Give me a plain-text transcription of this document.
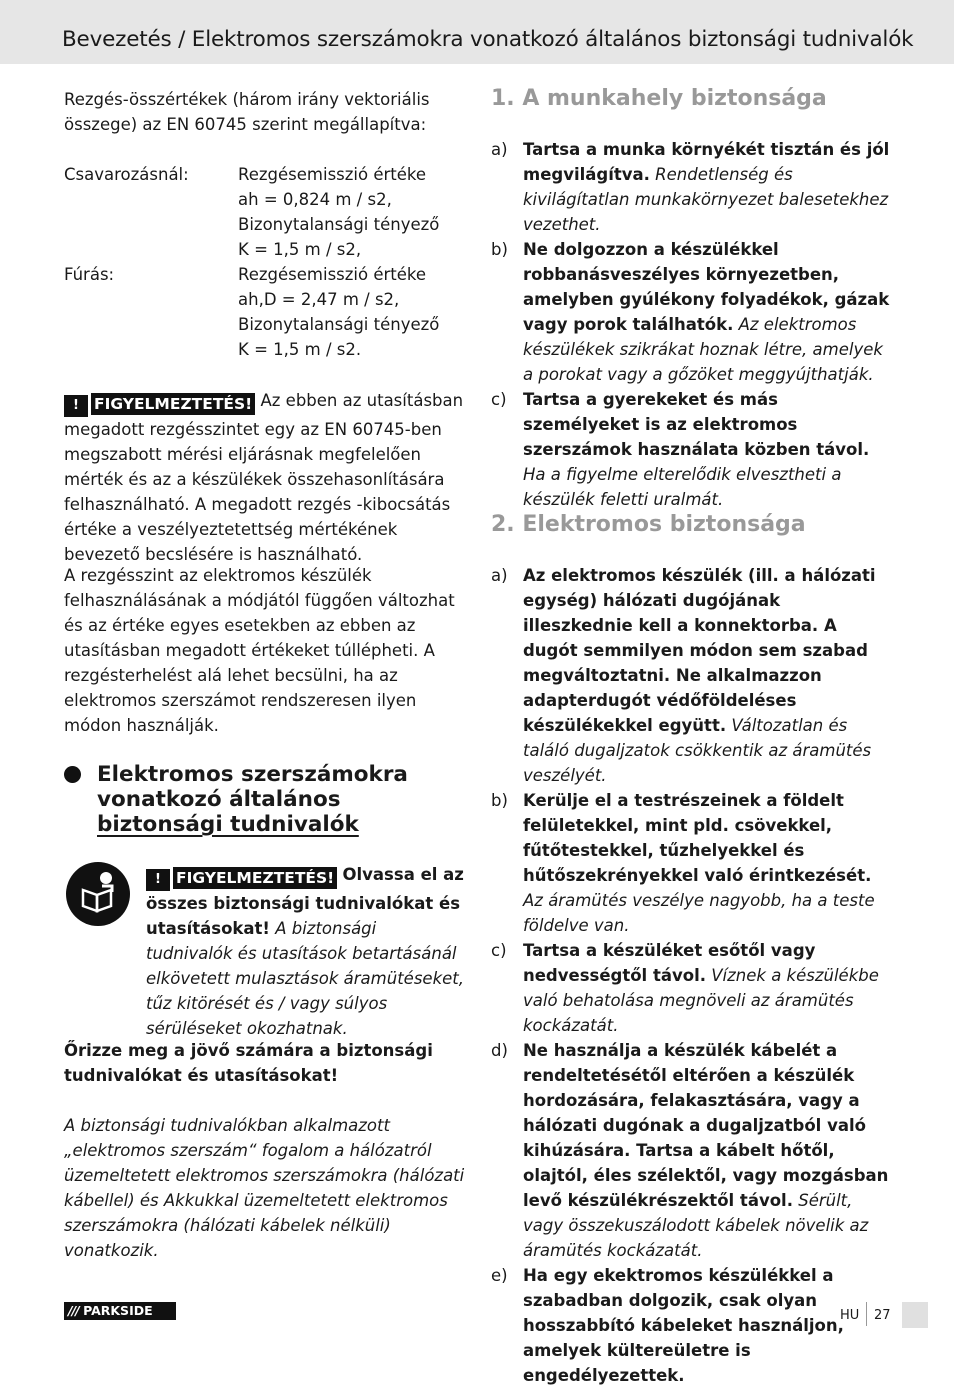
Bevezetés / Elektromos szerszámokra vonatkozó általános biztonsági tudnivalók

Rezgés-összértékek (három irány vektoriális összege) az EN 60745 szerint megállapítva:

Csavarozásnál:	Rezgésemisszió értéke
ah = 0,824 m / s2,
Bizonytalansági tényező
K = 1,5 m / s2,
Fúrás:	Rezgésemisszió értéke
ah,D = 2,47 m / s2,
Bizonytalansági tényező
K = 1,5 m / s2.

! FIGYELMEZTETÉS! Az ebben az utasításban megadott rezgésszintet egy az EN 60745-ben megszabott mérési eljárásnak megfelelően mérték és az a készülékek összehasonlítására felhasználható. A megadott rezgés -kibocsátás értéke a veszélyeztetettség mértékének bevezető becslésére is használható.

A rezgésszint az elektromos készülék felhasználásának a módjától függően változhat és az értéke egyes esetekben az ebben az utasításban megadott értékeket túllépheti. A rezgésterhelést alá lehet becsülni, ha az elektromos szerszámot rendszeresen ilyen módon használják.

Elektromos szerszámokra
vonatkozó általános
biztonsági tudnivalók
! FIGYELMEZTETÉS! Olvassa el az összes biztonsági tudnivalókat és utasításokat! A biztonsági tudnivalók és utasítások betartásánál elkövetett mulasztások áramütéseket, tűz kitörését és / vagy súlyos sérüléseket okozhatnak.

Őrizze meg a jövő számára a biztonsági tudnivalókat és utasításokat!

A biztonsági tudnivalókban alkalmazott „elektromos szerszám“ fogalom a hálózatról üzemeltetett elektromos szerszámokra (hálózati kábellel) és Akkukkal üzemeltetett elektromos szerszámokra (hálózati kábelek nélküli) vonatkozik.

1. A munkahely biztonsága
a) Tartsa a munka környékét tisztán és jól megvilágítva. Rendetlenség és kivilágítatlan munkakörnyezet balesetekhez vezethet.
b) Ne dolgozzon a készülékkel robbanásveszélyes környezetben, amelyben gyúlékony folyadékok, gázak vagy porok találhatók. Az elektromos készülékek szikrákat hoznak létre, amelyek a porokat vagy a gőzöket meggyújthatják.
c) Tartsa a gyerekeket és más személyeket is az elektromos szerszámok használata közben távol. Ha a figyelme elterelődik elvesztheti a készülék feletti uralmát.
2. Elektromos biztonsága
a) Az elektromos készülék (ill. a hálózati egység) hálózati dugójának illeszkednie kell a konnektorba. A dugót semmilyen módon sem szabad megváltoztatni. Ne alkalmazzon adapterdugót védőföldeléses készülékekkel együtt. Változatlan és találó dugaljzatok csökkentik az áramütés veszélyét.
b) Kerülje el a testrészeinek a földelt felületekkel, mint pld. csövekkel, fűtőtestekkel, tűzhelyekkel és hűtőszekrényekkel való érintkezését. Az áramütés veszélye nagyobb, ha a teste földelve van.
c) Tartsa a készüléket esőtől vagy nedvességtől távol. Víznek a készülékbe való behatolása megnöveli az áramütés kockázatát.
d) Ne használja a készülék kábelét a rendeltetésétől eltérően a készülék hordozására, felakasztására, vagy a hálózati dugónak a dugaljzatból való kihúzására. Tartsa a kábelt hőtől, olajtól, éles szélektől, vagy mozgásban levő készülékrészektől távol. Sérült, vagy összekuszálodott kábelek növelik az áramütés kockázatát.
e) Ha egy ekektromos készülékkel a szabadban dolgozik, csak olyan hosszabbító kábeleket használjon, amelyek kültereületre is engedélyezettek.
/// PARKSIDE	HU 27
